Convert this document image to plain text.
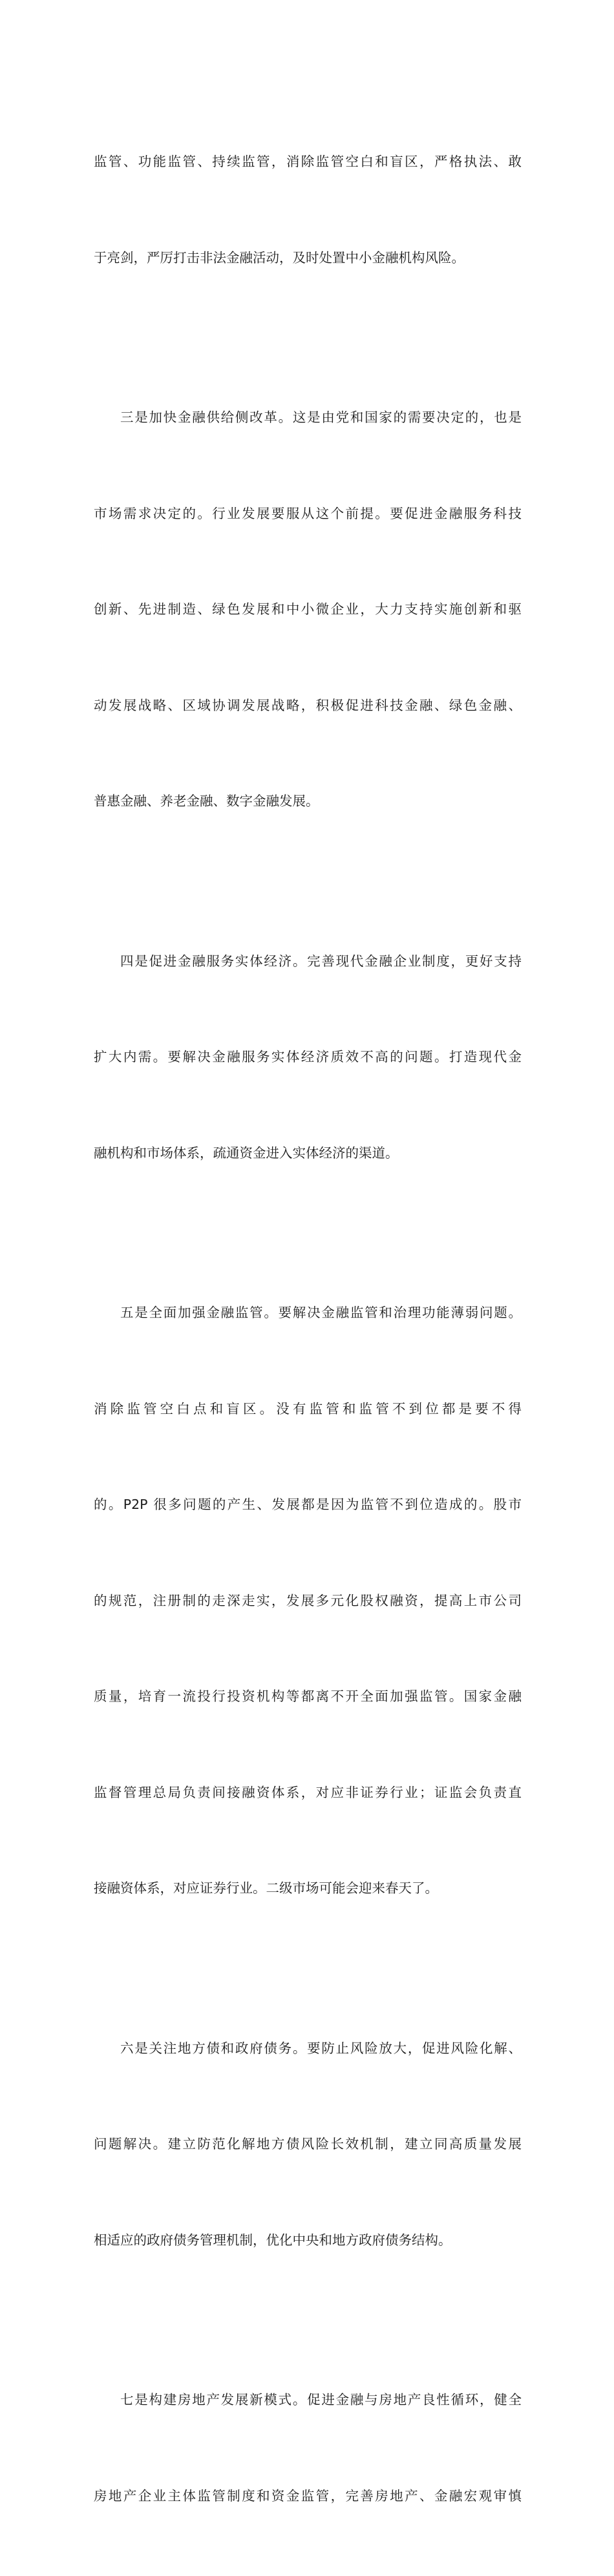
监管、功能监管、持续监管，消除监管空白和盲区，严格执法、敢

于亮剑，严厉打击非法金融活动，及时处置中小金融机构风险。

三是加快金融供给侧改革。这是由党和国家的需要决定的，也是

市场需求决定的。行业发展要服从这个前提。要促进金融服务科技

创新、先进制造、绿色发展和中小微企业，大力支持实施创新和驱

动发展战略、区域协调发展战略，积极促进科技金融、绿色金融、

普惠金融、养老金融、数字金融发展。

四是促进金融服务实体经济。完善现代金融企业制度，更好支持

扩大内需。要解决金融服务实体经济质效不高的问题。打造现代金

融机构和市场体系，疏通资金进入实体经济的渠道。

五是全面加强金融监管。要解决金融监管和治理功能薄弱问题。

消除监管空白点和盲区。没有监管和监管不到位都是要不得

的。P2P 很多问题的产生、发展都是因为监管不到位造成的。股市

的规范，注册制的走深走实，发展多元化股权融资，提高上市公司

质量，培育一流投行投资机构等都离不开全面加强监管。国家金融

监督管理总局负责间接融资体系，对应非证券行业；证监会负责直

接融资体系，对应证券行业。二级市场可能会迎来春天了。

六是关注地方债和政府债务。要防止风险放大，促进风险化解、

问题解决。建立防范化解地方债风险长效机制，建立同高质量发展

相适应的政府债务管理机制，优化中央和地方政府债务结构。

七是构建房地产发展新模式。促进金融与房地产良性循环，健全

房地产企业主体监管制度和资金监管，完善房地产、金融宏观审慎
